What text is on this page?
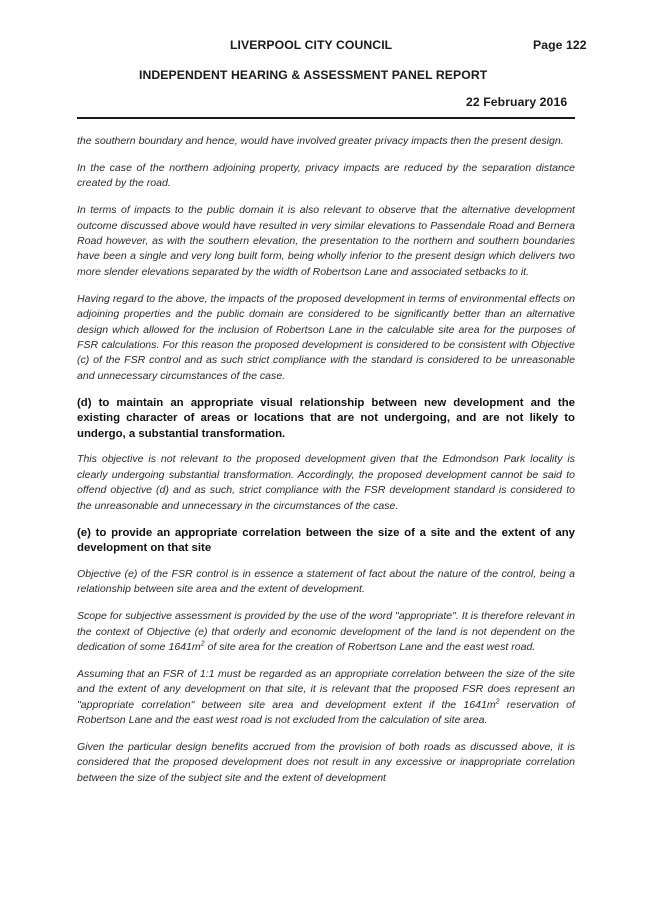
LIVERPOOL CITY COUNCIL	Page 122
INDEPENDENT HEARING & ASSESSMENT PANEL REPORT
22 February 2016

the southern boundary and hence, would have involved greater privacy impacts then the present design.

In the case of the northern adjoining property, privacy impacts are reduced by the separation distance created by the road.

In terms of impacts to the public domain it is also relevant to observe that the alternative development outcome discussed above would have resulted in very similar elevations to Passendale Road and Bernera Road however, as with the southern elevation, the presentation to the northern and southern boundaries have been a single and very long built form, being wholly inferior to the present design which delivers two more slender elevations separated by the width of Robertson Lane and associated setbacks to it.

Having regard to the above, the impacts of the proposed development in terms of environmental effects on adjoining properties and the public domain are considered to be significantly better than an alternative design which allowed for the inclusion of Robertson Lane in the calculable site area for the purposes of FSR calculations. For this reason the proposed development is considered to be consistent with Objective (c) of the FSR control and as such strict compliance with the standard is considered to be unreasonable and unnecessary circumstances of the case.

(d) to maintain an appropriate visual relationship between new development and the existing character of areas or locations that are not undergoing, and are not likely to undergo, a substantial transformation.

This objective is not relevant to the proposed development given that the Edmondson Park locality is clearly undergoing substantial transformation. Accordingly, the proposed development cannot be said to offend objective (d) and as such, strict compliance with the FSR development standard is considered to the unreasonable and unnecessary in the circumstances of the case.

(e) to provide an appropriate correlation between the size of a site and the extent of any development on that site

Objective (e) of the FSR control is in essence a statement of fact about the nature of the control, being a relationship between site area and the extent of development.

Scope for subjective assessment is provided by the use of the word "appropriate". It is therefore relevant in the context of Objective (e) that orderly and economic development of the land is not dependent on the dedication of some $1641m^2$ of site area for the creation of Robertson Lane and the east west road.

Assuming that an FSR of 1:1 must be regarded as an appropriate correlation between the size of the site and the extent of any development on that site, it is relevant that the proposed FSR does represent an "appropriate correlation" between site area and development extent if the $1641m^2$ reservation of Robertson Lane and the east west road is not excluded from the calculation of site area.

Given the particular design benefits accrued from the provision of both roads as discussed above, it is considered that the proposed development does not result in any excessive or inappropriate correlation between the size of the subject site and the extent of development
